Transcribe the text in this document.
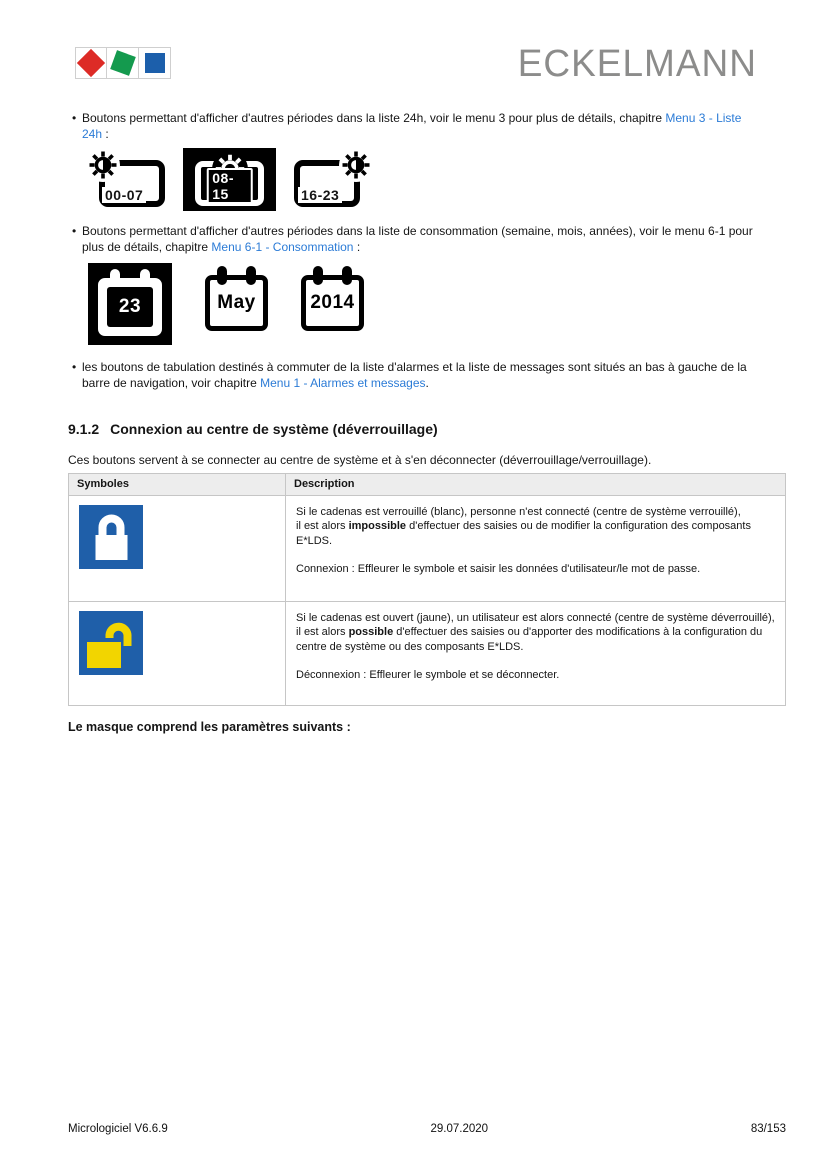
ECKELMANN
• Boutons permettant d'afficher d'autres périodes dans la liste 24h, voir le menu 3 pour plus de détails, chapitre Menu 3 - Liste 24h :

00-07
08-15	16-23
• Boutons permettant d'afficher d'autres périodes dans la liste de consommation (semaine, mois, années), voir le menu 6-1 pour plus de détails, chapitre Menu 6-1 - Consommation :

23	May	2014
• les boutons de tabulation destinés à commuter de la liste d'alarmes et la liste de messages sont situés an bas à gauche de la barre de navigation, voir chapitre Menu 1 - Alarmes et messages.

9.1.2 Connexion au centre de système (déverrouillage)

Ces boutons servent à se connecter au centre de système et à s'en déconnecter (déverrouillage/verrouillage).

Symboles	Description

Si le cadenas est verrouillé (blanc), personne n'est connecté (centre de système verrouillé),

il est alors impossible d'effectuer des saisies ou de modifier la configuration des composants E*LDS.

Connexion : Effleurer le symbole et saisir les données d'utilisateur/le mot de passe.

Si le cadenas est ouvert (jaune), un utilisateur est alors connecté (centre de système déverrouillé),

il est alors possible d'effectuer des saisies ou d'apporter des modifications à la configuration du centre de système ou des composants E*LDS.

Déconnexion : Effleurer le symbole et se déconnecter.

Le masque comprend les paramètres suivants :

Micrologiciel V6.6.9	29.07.2020	83/153
